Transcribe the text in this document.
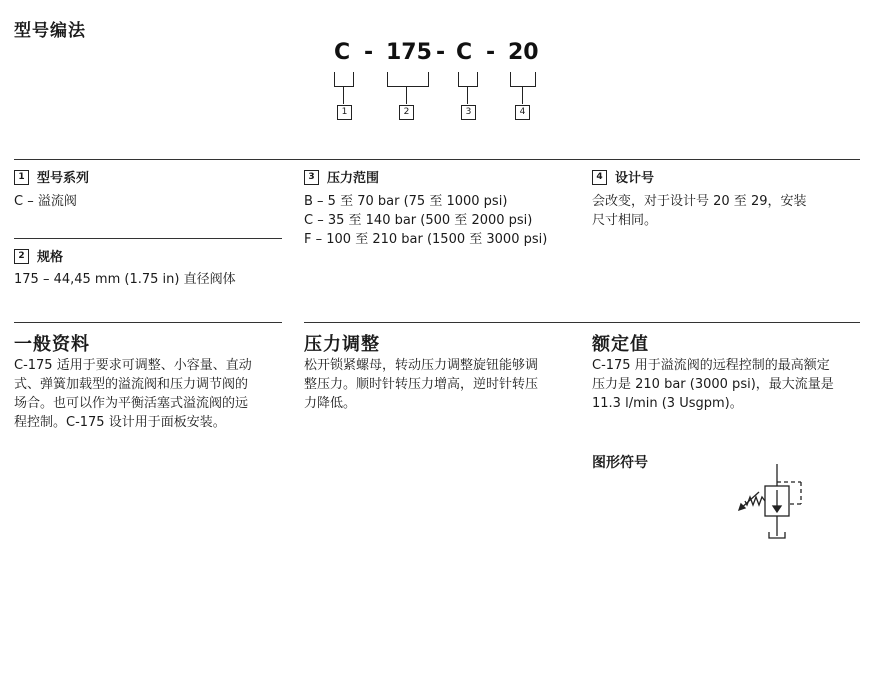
型号编法
C - 175 - C - 20
1	2	3	4
1 型号系列
C – 溢流阀
2 规格
175 – 44,45 mm (1.75 in) 直径阀体
3 压力范围
B – 5 至 70 bar (75 至 1000 psi)
C – 35 至 140 bar (500 至 2000 psi)
F – 100 至 210 bar (1500 至 3000 psi)
4 设计号
会改变，对于设计号 20 至 29，安装
尺寸相同。
一般资料
C-175 适用于要求可调整、小容量、直动
式、弹簧加载型的溢流阀和压力调节阀的
场合。也可以作为平衡活塞式溢流阀的远
程控制。C-175 设计用于面板安装。
压力调整
松开锁紧螺母，转动压力调整旋钮能够调
整压力。顺时针转压力增高，逆时针转压
力降低。
额定值
C-175 用于溢流阀的远程控制的最高额定
压力是 210 bar (3000 psi)，最大流量是
11.3 l/min (3 Usgpm)。
图形符号
